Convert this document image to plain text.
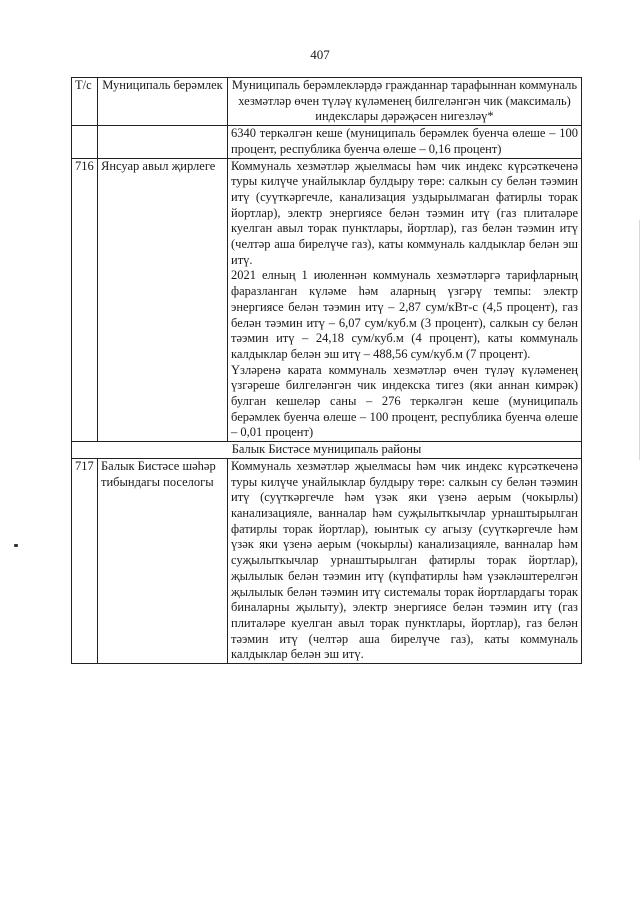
407
Т/с	Муниципаль берәмлек	Муниципаль берәмлекләрдә гражданнар тарафыннан коммуналь хезмәтләр өчен түләү күләменең билгеләнгән чик (максималь) индекслары дәрәҗәсен нигезләү*

		6340 теркәлгән кеше (муниципаль берәмлек буенча өлеше – 100 процент, республика буенча өлеше – 0,16 процент)

716	Янсуар авыл җирлеге	Коммуналь хезмәтләр җыелмасы һәм чик индекс күрсәткеченә туры килүче унайлыклар булдыру төре: салкын су белән тәэмин итү (суүткәргечле, канализация уздырылмаган фатирлы торак йортлар), электр энергиясе белән тәэмин итү (газ плиталәре куелган авыл торак пунктлары, йортлар), газ белән тәэмин итү (челтәр аша бирелүче газ), каты коммуналь калдыклар белән эш итү.

2021 елның 1 июленнән коммуналь хезмәтләргә тарифларның фаразланган күләме һәм аларның үзгәрү темпы: электр энергиясе белән тәэмин итү – 2,87 сум/кВт-с (4,5 процент), газ белән тәэмин итү – 6,07 сум/куб.м (3 процент), салкын су белән тәэмин итү – 24,18 сум/куб.м (4 процент), каты коммуналь калдыклар белән эш итү – 488,56 сум/куб.м (7 процент).

Үзләренә карата коммуналь хезмәтләр өчен түләү күләменең үзгәреше билгеләнгән чик индекска тигез (яки аннан кимрәк) булган кешеләр саны – 276 теркәлгән кеше (муниципаль берәмлек буенча өлеше – 100 процент, республика буенча өлеше – 0,01 процент)

Балык Бистәсе муниципаль районы		
717	Балык Бистәсе шәһәр тибындагы поселогы	Коммуналь хезмәтләр җыелмасы һәм чик индекс күрсәткеченә туры килүче унайлыклар булдыру төре: салкын су белән тәэмин итү (суүткәргечле һәм үзәк яки үзенә аерым (чокырлы) канализацияле, ванналар һәм суҗылыткычлар урнаштырылган фатирлы торак йортлар), юынтык су агызу (суүткәргечле һәм үзәк яки үзенә аерым (чокырлы) канализацияле, ванналар һәм суҗылыткычлар урнаштырылган фатирлы торак йортлар), җылылык белән тәэмин итү (күпфатирлы һәм үзәкләштерелгән җылылык белән тәэмин итү системалы торак йортлардагы торак биналарны җылыту), электр энергиясе белән тәэмин итү (газ плиталәре куелган авыл торак пунктлары, йортлар), газ белән тәэмин итү (челтәр аша бирелүче газ), каты коммуналь калдыклар белән эш итү.
